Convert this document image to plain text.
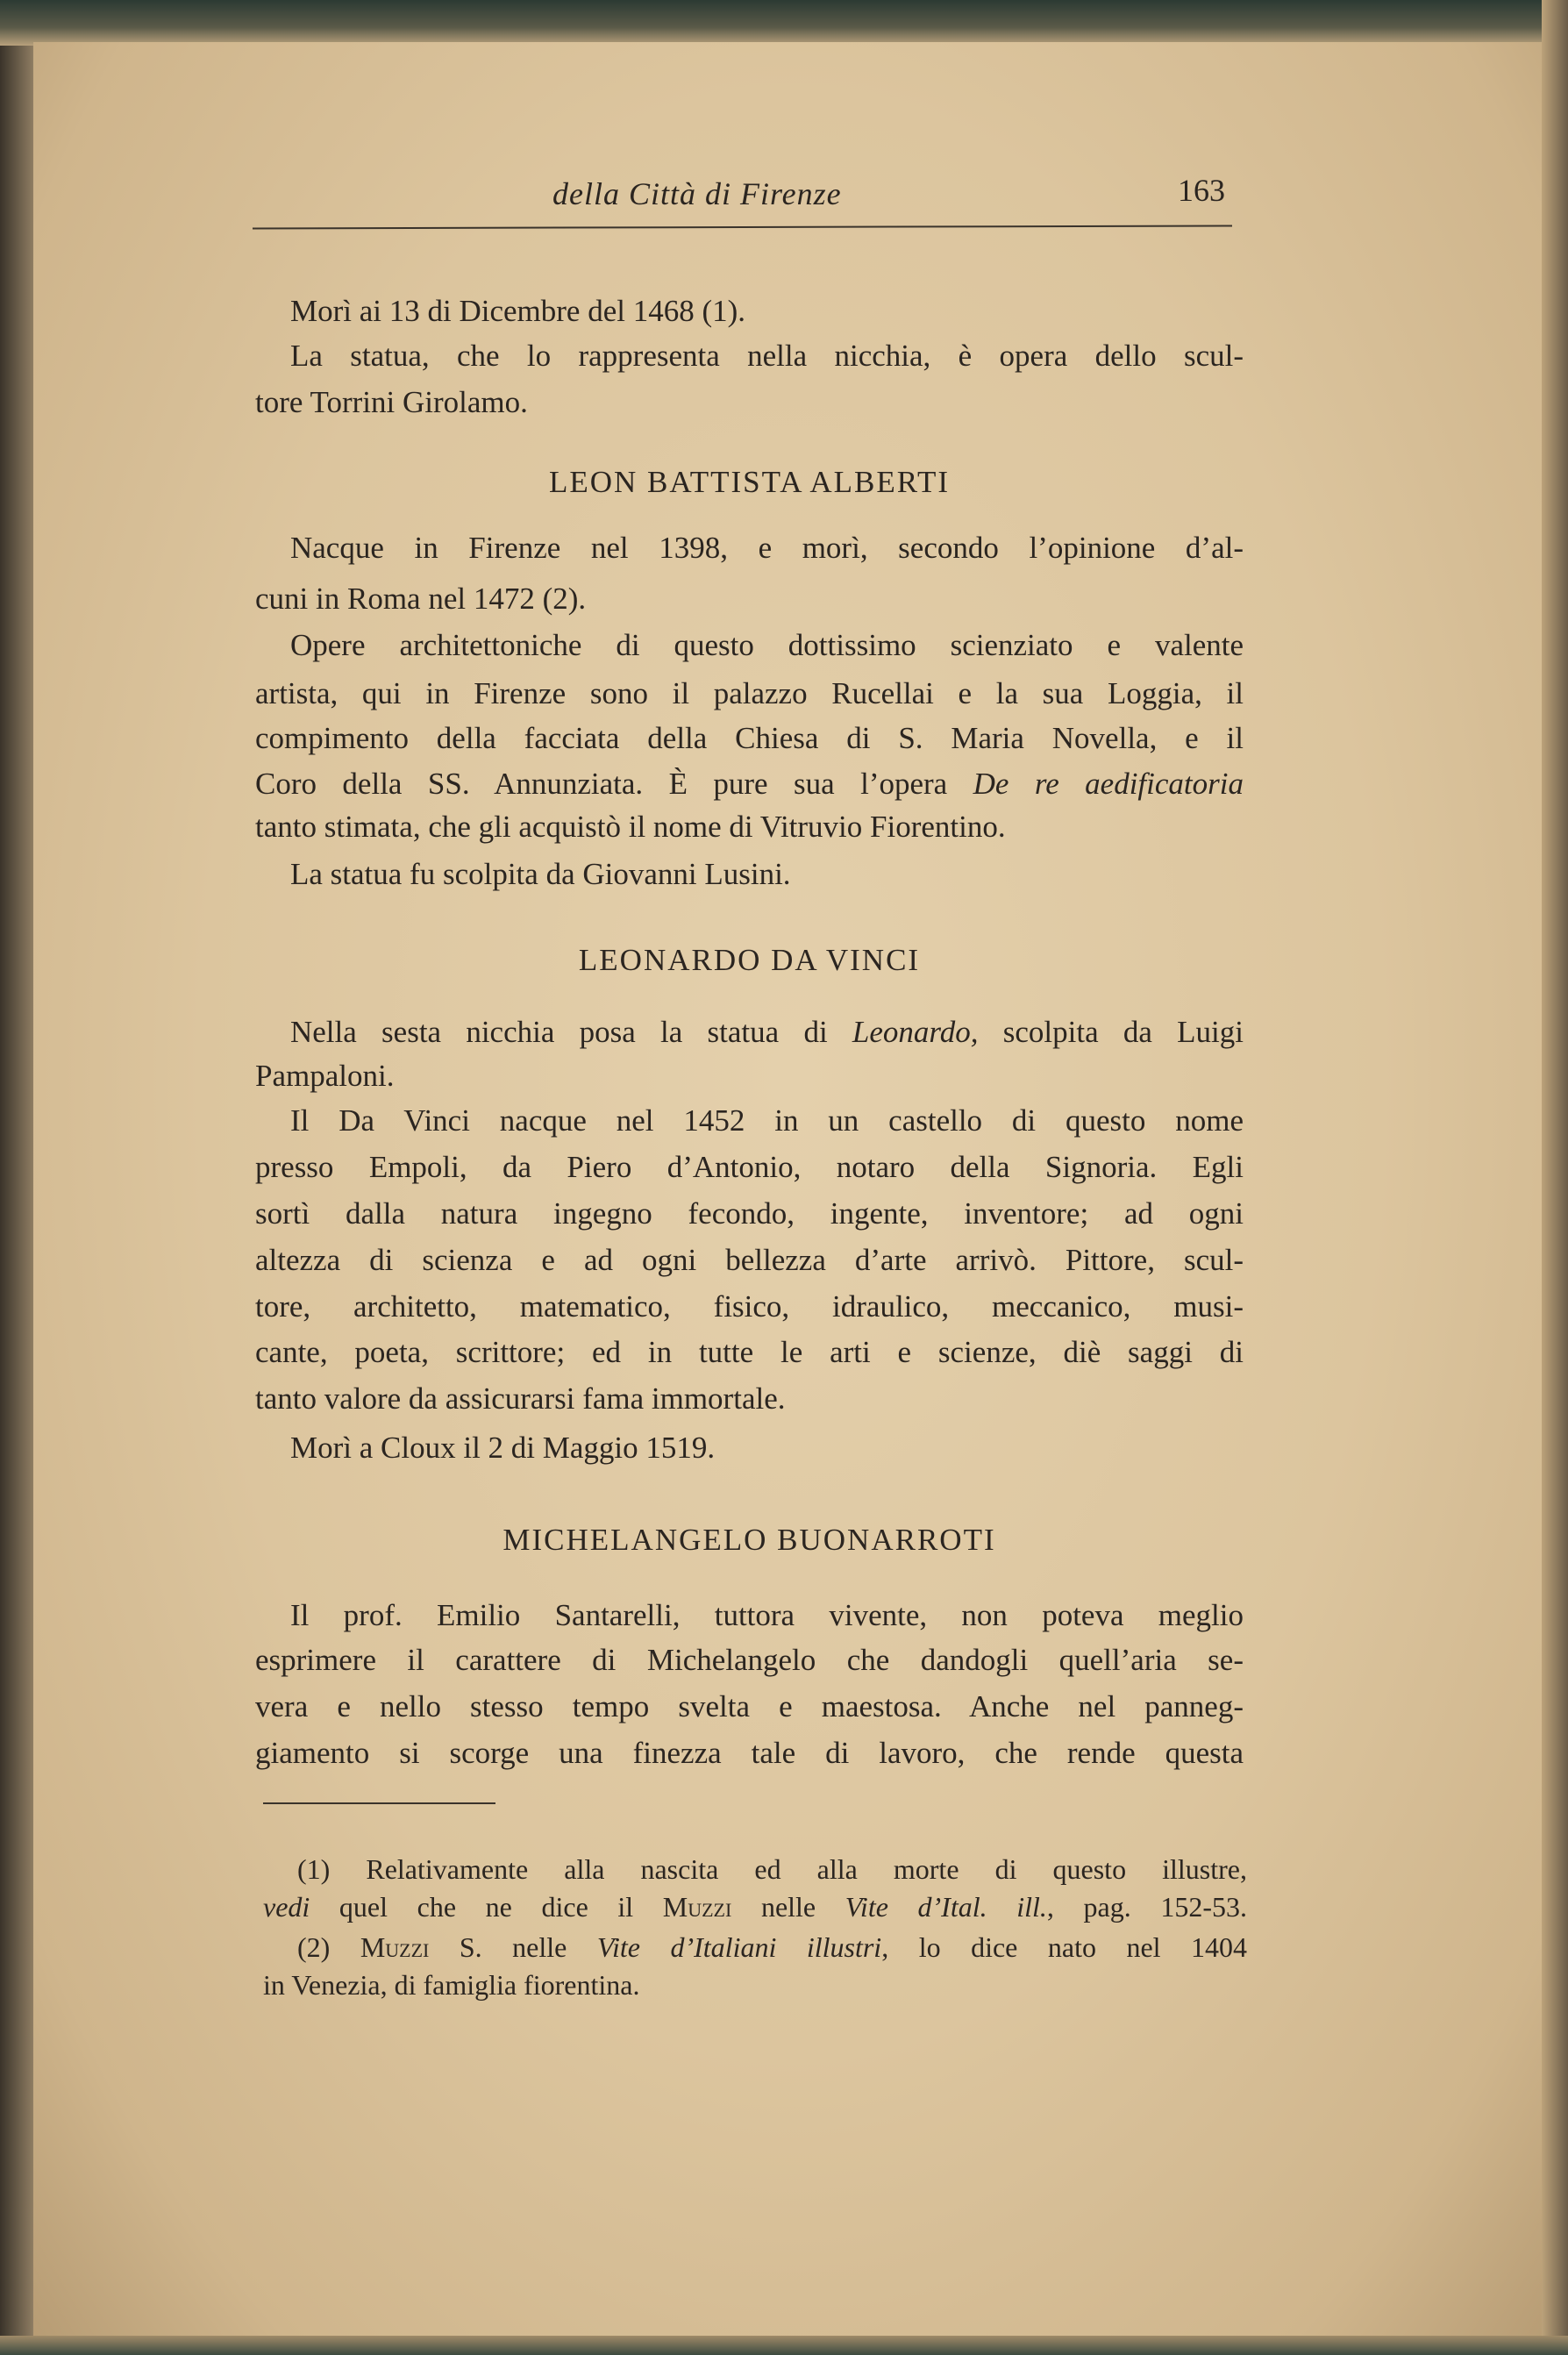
della Città di Firenze	163
Morì ai 13 di Dicembre del 1468 (1).
La statua, che lo rappresenta nella nicchia, è opera dello scul-
tore Torrini Girolamo.
LEON BATTISTA ALBERTI
Nacque in Firenze nel 1398, e morì, secondo l’opinione d’al-
cuni in Roma nel 1472 (2).
Opere architettoniche di questo dottissimo scienziato e valente
artista, qui in Firenze sono il palazzo Rucellai e la sua Loggia, il
compimento della facciata della Chiesa di S. Maria Novella, e il
Coro della SS. Annunziata. È pure sua l’opera De re aedificatoria
tanto stimata, che gli acquistò il nome di Vitruvio Fiorentino.
La statua fu scolpita da Giovanni Lusini.
LEONARDO DA VINCI
Nella sesta nicchia posa la statua di Leonardo, scolpita da Luigi
Pampaloni.
Il Da Vinci nacque nel 1452 in un castello di questo nome
presso Empoli, da Piero d’Antonio, notaro della Signoria. Egli
sortì dalla natura ingegno fecondo, ingente, inventore; ad ogni
altezza di scienza e ad ogni bellezza d’arte arrivò. Pittore, scul-
tore, architetto, matematico, fisico, idraulico, meccanico, musi-
cante, poeta, scrittore; ed in tutte le arti e scienze, diè saggi di
tanto valore da assicurarsi fama immortale.
Morì a Cloux il 2 di Maggio 1519.
MICHELANGELO BUONARROTI
Il prof. Emilio Santarelli, tuttora vivente, non poteva meglio
esprimere il carattere di Michelangelo che dandogli quell’aria se-
vera e nello stesso tempo svelta e maestosa. Anche nel panneg-
giamento si scorge una finezza tale di lavoro, che rende questa
(1) Relativamente alla nascita ed alla morte di questo illustre,
vedi quel che ne dice il Muzzi nelle Vite d’Ital. ill., pag. 152-53.
(2) Muzzi S. nelle Vite d’Italiani illustri, lo dice nato nel 1404
in Venezia, di famiglia fiorentina.
